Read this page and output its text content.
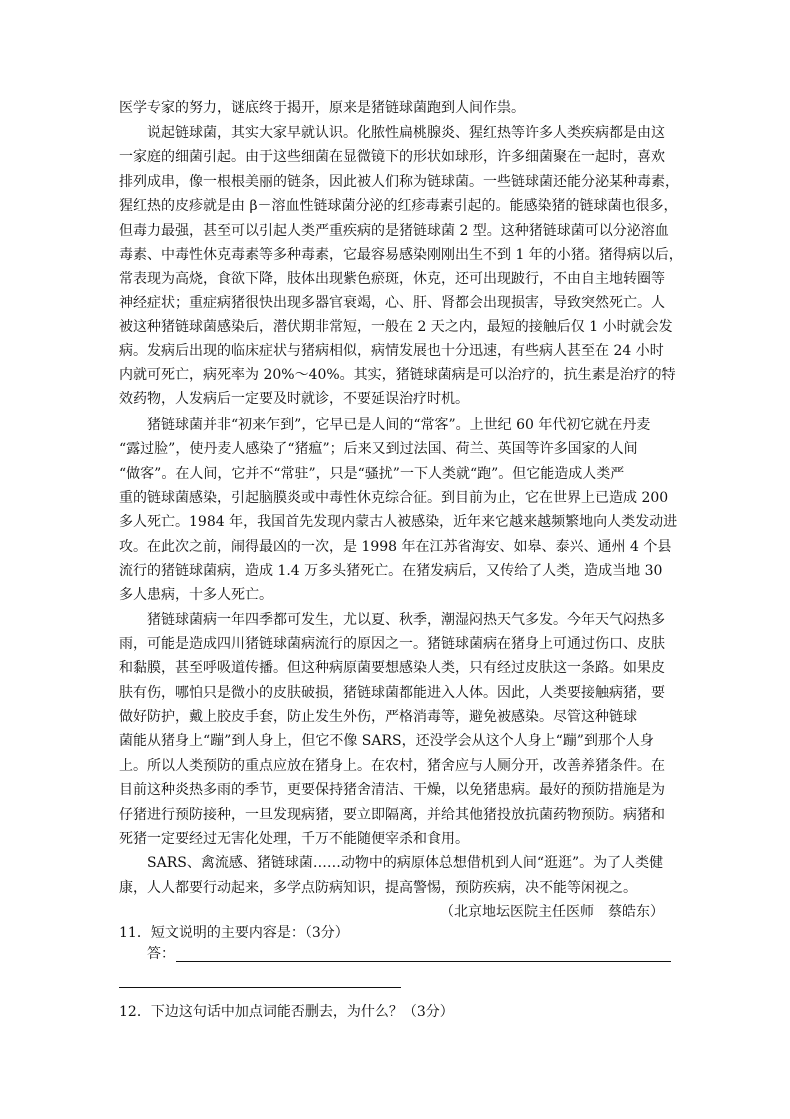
医学专家的努力，谜底终于揭开，原来是猪链球菌跑到人间作祟。
说起链球菌，其实大家早就认识。化脓性扁桃腺炎、猩红热等许多人类疾病都是由这
一家庭的细菌引起。由于这些细菌在显微镜下的形状如球形，许多细菌聚在一起时，喜欢
排列成串，像一根根美丽的链条，因此被人们称为链球菌。一些链球菌还能分泌某种毒素，
猩红热的皮疹就是由 β－溶血性链球菌分泌的红疹毒素引起的。能感染猪的链球菌也很多，
但毒力最强，甚至可以引起人类严重疾病的是猪链球菌 2 型。这种猪链球菌可以分泌溶血
毒素、中毒性休克毒素等多种毒素，它最容易感染刚刚出生不到 1 年的小猪。猪得病以后，
常表现为高烧，食欲下降，肢体出现紫色瘀斑，休克，还可出现跛行，不由自主地转圈等
神经症状；重症病猪很快出现多器官衰竭，心、肝、肾都会出现损害，导致突然死亡。人
被这种猪链球菌感染后，潜伏期非常短，一般在 2 天之内，最短的接触后仅 1 小时就会发
病。发病后出现的临床症状与猪病相似，病情发展也十分迅速，有些病人甚至在 24 小时
内就可死亡，病死率为 20%～40%。其实，猪链球菌病是可以治疗的，抗生素是治疗的特
效药物，人发病后一定要及时就诊，不要延误治疗时机。
猪链球菌并非“初来乍到”，它早已是人间的“常客”。上世纪 60 年代初它就在丹麦
“露过脸”，使丹麦人感染了“猪瘟”；后来又到过法国、荷兰、英国等许多国家的人间
“做客”。在人间，它并不“常驻”，只是“骚扰”一下人类就“跑”。但它能造成人类严
重的链球菌感染，引起脑膜炎或中毒性休克综合征。到目前为止，它在世界上已造成 200
多人死亡。1984 年，我国首先发现内蒙古人被感染，近年来它越来越频繁地向人类发动进
攻。在此次之前，闹得最凶的一次，是 1998 年在江苏省海安、如皋、泰兴、通州 4 个县
流行的猪链球菌病，造成 1.4 万多头猪死亡。在猪发病后，又传给了人类，造成当地 30
多人患病，十多人死亡。
猪链球菌病一年四季都可发生，尤以夏、秋季，潮湿闷热天气多发。今年天气闷热多
雨，可能是造成四川猪链球菌病流行的原因之一。猪链球菌病在猪身上可通过伤口、皮肤
和黏膜，甚至呼吸道传播。但这种病原菌要想感染人类，只有经过皮肤这一条路。如果皮
肤有伤，哪怕只是微小的皮肤破损，猪链球菌都能进入人体。因此，人类要接触病猪，要
做好防护，戴上胶皮手套，防止发生外伤，严格消毒等，避免被感染。尽管这种链球
菌能从猪身上“蹦”到人身上，但它不像 SARS，还没学会从这个人身上“蹦”到那个人身
上。所以人类预防的重点应放在猪身上。在农村，猪舍应与人厕分开，改善养猪条件。在
目前这种炎热多雨的季节，更要保持猪舍清洁、干燥，以免猪患病。最好的预防措施是为
仔猪进行预防接种，一旦发现病猪，要立即隔离，并给其他猪投放抗菌药物预防。病猪和
死猪一定要经过无害化处理，千万不能随便宰杀和食用。
SARS、禽流感、猪链球菌……动物中的病原体总想借机到人间“逛逛”。为了人类健
康，人人都要行动起来，多学点防病知识，提高警惕，预防疾病，决不能等闲视之。
（北京地坛医院主任医师　蔡皓东）
11．短文说明的主要内容是：（3分）
答：
12．下边这句话中加点词能否删去，为什么？（3分）
